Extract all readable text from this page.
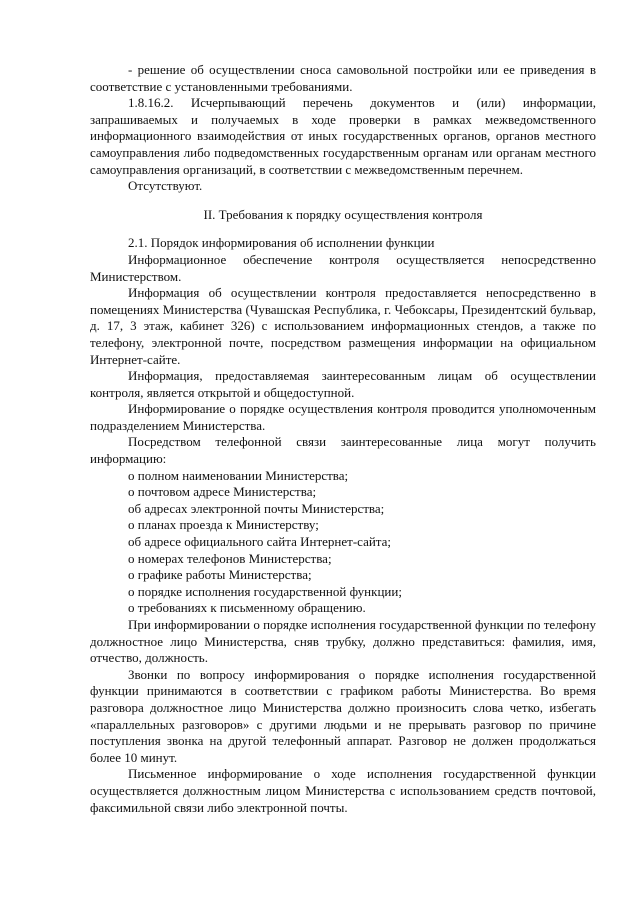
- решение об осуществлении сноса самовольной постройки или ее приведения в соответствие с установленными требованиями.

1.8.16.2. Исчерпывающий перечень документов и (или) информации, запрашиваемых и получаемых в ходе проверки в рамках межведомственного информационного взаимодействия от иных государственных органов, органов местного самоуправления либо подведомственных государственным органам или органам местного самоуправления организаций, в соответствии с межведомственным перечнем.

Отсутствуют.

II. Требования к порядку осуществления контроля

2.1. Порядок информирования об исполнении функции

Информационное обеспечение контроля осуществляется непосредственно Министерством.

Информация об осуществлении контроля предоставляется непосредственно в помещениях Министерства (Чувашская Республика, г. Чебоксары, Президентский бульвар, д. 17, 3 этаж, кабинет 326) с использованием информационных стендов, а также по телефону, электронной почте, посредством размещения информации на официальном Интернет-сайте.

Информация, предоставляемая заинтересованным лицам об осуществлении контроля, является открытой и общедоступной.

Информирование о порядке осуществления контроля проводится уполномоченным подразделением Министерства.

Посредством телефонной связи заинтересованные лица могут получить информацию:

о полном наименовании Министерства;

о почтовом адресе Министерства;

об адресах электронной почты Министерства;

о планах проезда к Министерству;

об адресе официального сайта Интернет-сайта;

о номерах телефонов Министерства;

о графике работы Министерства;

о порядке исполнения государственной функции;

о требованиях к письменному обращению.

При информировании о порядке исполнения государственной функции по телефону должностное лицо Министерства, сняв трубку, должно представиться: фамилия, имя, отчество, должность.

Звонки по вопросу информирования о порядке исполнения государственной функции принимаются в соответствии с графиком работы Министерства. Во время разговора должностное лицо Министерства должно произносить слова четко, избегать «параллельных разговоров» с другими людьми и не прерывать разговор по причине поступления звонка на другой телефонный аппарат. Разговор не должен продолжаться более 10 минут.

Письменное информирование о ходе исполнения государственной функции осуществляется должностным лицом Министерства с использованием средств почтовой, факсимильной связи либо электронной почты.
